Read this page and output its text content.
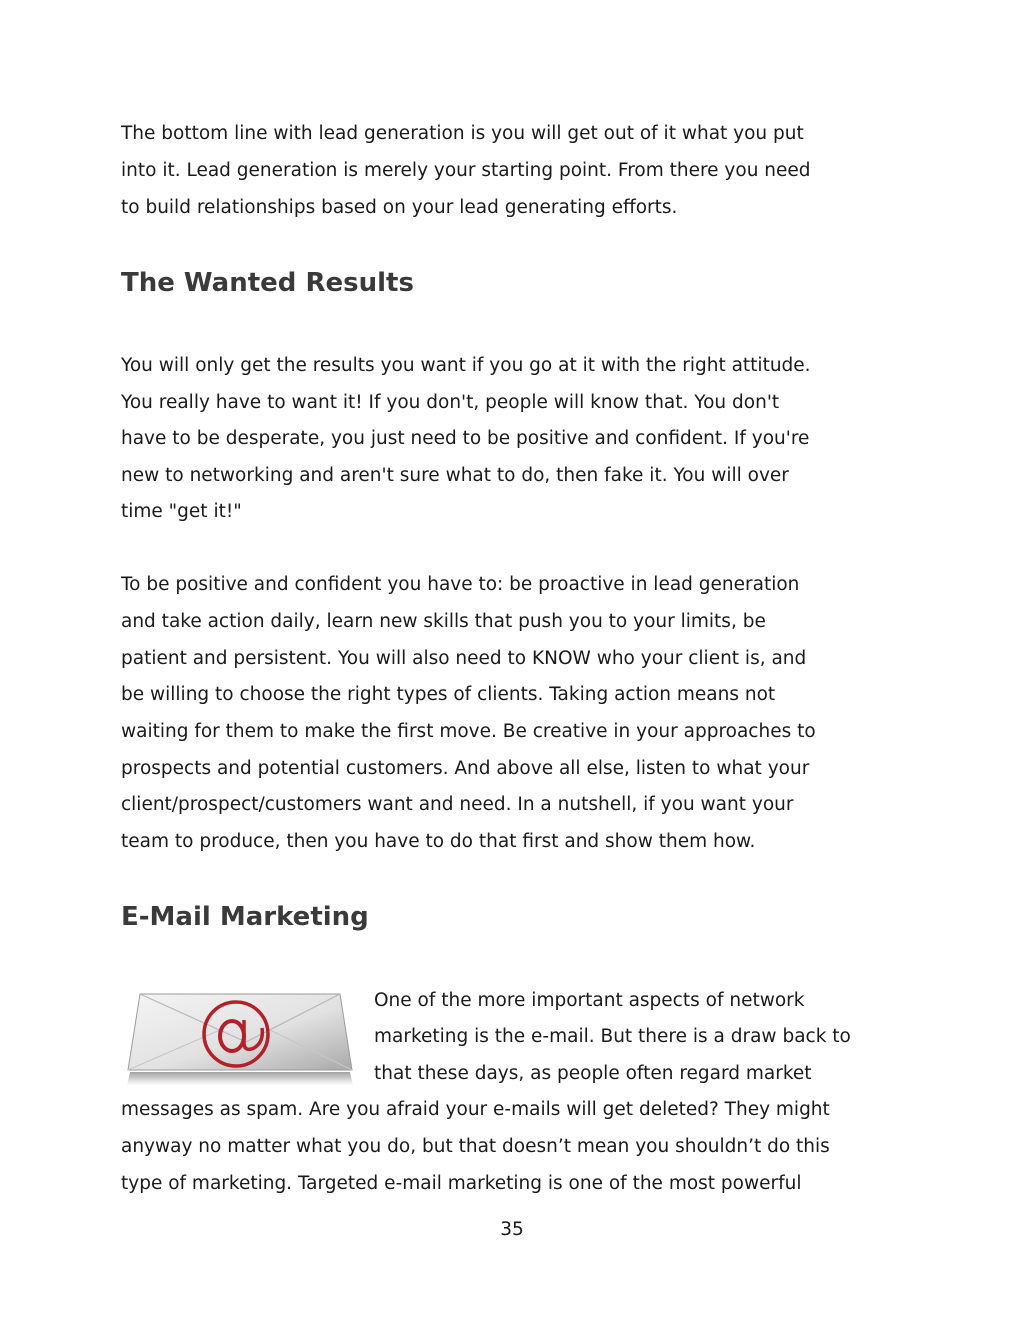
The bottom line with lead generation is you will get out of it what you put

into it. Lead generation is merely your starting point. From there you need

to build relationships based on your lead generating efforts.

The Wanted Results

You will only get the results you want if you go at it with the right attitude.

You really have to want it! If you don't, people will know that. You don't

have to be desperate, you just need to be positive and confident. If you're

new to networking and aren't sure what to do, then fake it. You will over

time "get it!"

To be positive and confident you have to: be proactive in lead generation

and take action daily, learn new skills that push you to your limits, be

patient and persistent. You will also need to KNOW who your client is, and

be willing to choose the right types of clients. Taking action means not

waiting for them to make the first move. Be creative in your approaches to

prospects and potential customers. And above all else, listen to what your

client/prospect/customers want and need. In a nutshell, if you want your

team to produce, then you have to do that first and show them how.

E-Mail Marketing

One of the more important aspects of network

marketing is the e-mail. But there is a draw back to

that these days, as people often regard market

messages as spam. Are you afraid your e-mails will get deleted? They might

anyway no matter what you do, but that doesn’t mean you shouldn’t do this

type of marketing. Targeted e-mail marketing is one of the most powerful

35
